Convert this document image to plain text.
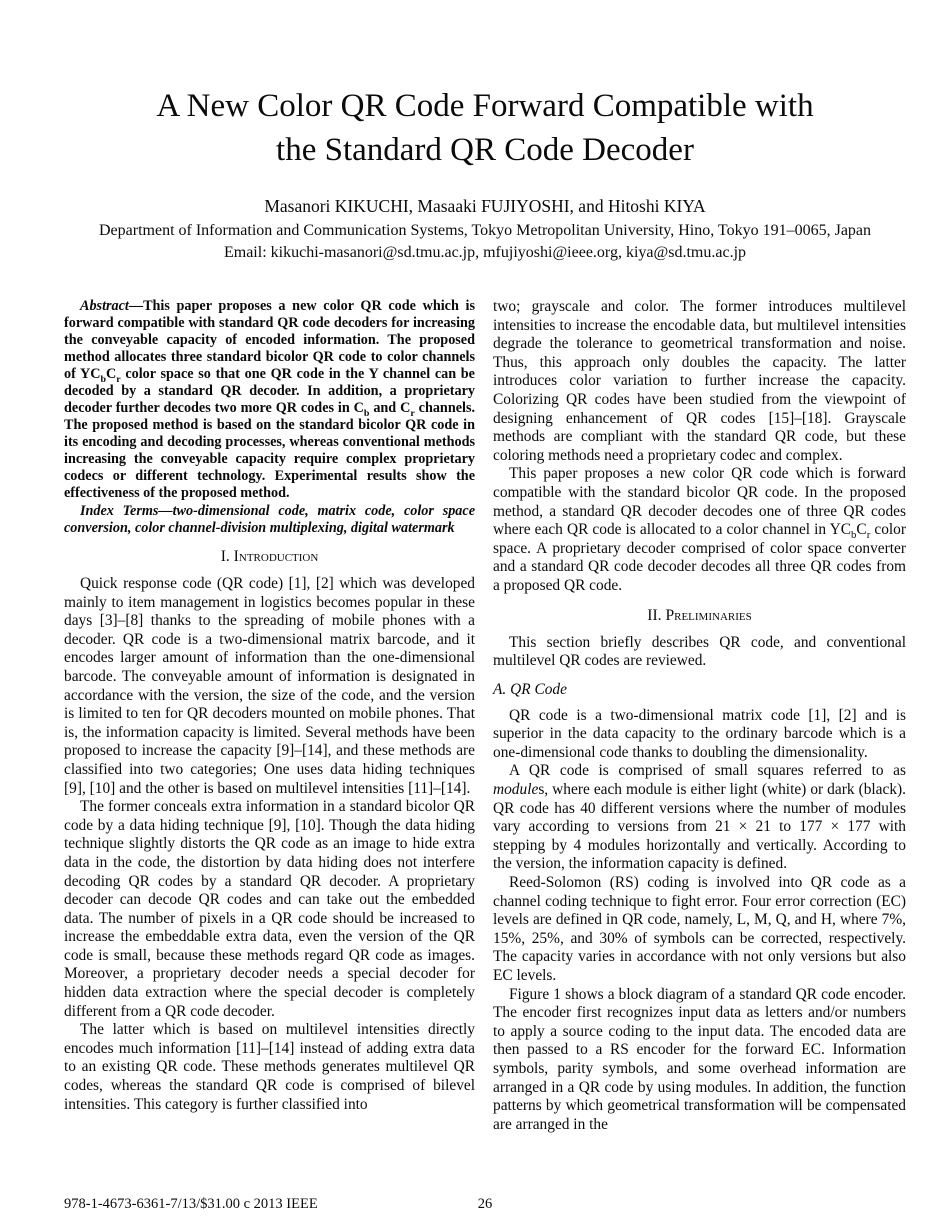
A New Color QR Code Forward Compatible with
the Standard QR Code Decoder
Masanori KIKUCHI, Masaaki FUJIYOSHI, and Hitoshi KIYA
Department of Information and Communication Systems, Tokyo Metropolitan University, Hino, Tokyo 191–0065, Japan
Email: kikuchi-masanori@sd.tmu.ac.jp, mfujiyoshi@ieee.org, kiya@sd.tmu.ac.jp

Abstract—This paper proposes a new color QR code which is forward compatible with standard QR code decoders for increasing the conveyable capacity of encoded information. The proposed method allocates three standard bicolor QR code to color channels of $YC_bC_r$ color space so that one QR code in the Y channel can be decoded by a standard QR decoder. In addition, a proprietary decoder further decodes two more QR codes in $C_b$ and $C_r$ channels. The proposed method is based on the standard bicolor QR code in its encoding and decoding processes, whereas conventional methods increasing the conveyable capacity require complex proprietary codecs or different technology. Experimental results show the effectiveness of the proposed method.

Index Terms—two-dimensional code, matrix code, color space conversion, color channel-division multiplexing, digital watermark

I. Introduction

Quick response code (QR code) [1], [2] which was developed mainly to item management in logistics becomes popular in these days [3]–[8] thanks to the spreading of mobile phones with a decoder. QR code is a two-dimensional matrix barcode, and it encodes larger amount of information than the one-dimensional barcode. The conveyable amount of information is designated in accordance with the version, the size of the code, and the version is limited to ten for QR decoders mounted on mobile phones. That is, the information capacity is limited. Several methods have been proposed to increase the capacity [9]–[14], and these methods are classified into two categories; One uses data hiding techniques [9], [10] and the other is based on multilevel intensities [11]–[14].

The former conceals extra information in a standard bicolor QR code by a data hiding technique [9], [10]. Though the data hiding technique slightly distorts the QR code as an image to hide extra data in the code, the distortion by data hiding does not interfere decoding QR codes by a standard QR decoder. A proprietary decoder can decode QR codes and can take out the embedded data. The number of pixels in a QR code should be increased to increase the embeddable extra data, even the version of the QR code is small, because these methods regard QR code as images. Moreover, a proprietary decoder needs a special decoder for hidden data extraction where the special decoder is completely different from a QR code decoder.

The latter which is based on multilevel intensities directly encodes much information [11]–[14] instead of adding extra data to an existing QR code. These methods generates multilevel QR codes, whereas the standard QR code is comprised of bilevel intensities. This category is further classified into

two; grayscale and color. The former introduces multilevel intensities to increase the encodable data, but multilevel intensities degrade the tolerance to geometrical transformation and noise. Thus, this approach only doubles the capacity. The latter introduces color variation to further increase the capacity. Colorizing QR codes have been studied from the viewpoint of designing enhancement of QR codes [15]–[18]. Grayscale methods are compliant with the standard QR code, but these coloring methods need a proprietary codec and complex.

This paper proposes a new color QR code which is forward compatible with the standard bicolor QR code. In the proposed method, a standard QR decoder decodes one of three QR codes where each QR code is allocated to a color channel in $YC_bC_r$ color space. A proprietary decoder comprised of color space converter and a standard QR code decoder decodes all three QR codes from a proposed QR code.

II. Preliminaries

This section briefly describes QR code, and conventional multilevel QR codes are reviewed.

A. QR Code

QR code is a two-dimensional matrix code [1], [2] and is superior in the data capacity to the ordinary barcode which is a one-dimensional code thanks to doubling the dimensionality.

A QR code is comprised of small squares referred to as modules, where each module is either light (white) or dark (black). QR code has 40 different versions where the number of modules vary according to versions from 21 × 21 to 177 × 177 with stepping by 4 modules horizontally and vertically. According to the version, the information capacity is defined.

Reed-Solomon (RS) coding is involved into QR code as a channel coding technique to fight error. Four error correction (EC) levels are defined in QR code, namely, L, M, Q, and H, where 7%, 15%, 25%, and 30% of symbols can be corrected, respectively. The capacity varies in accordance with not only versions but also EC levels.

Figure 1 shows a block diagram of a standard QR code encoder. The encoder first recognizes input data as letters and/or numbers to apply a source coding to the input data. The encoded data are then passed to a RS encoder for the forward EC. Information symbols, parity symbols, and some overhead information are arranged in a QR code by using modules. In addition, the function patterns by which geometrical transformation will be compensated are arranged in the

26
978-1-4673-6361-7/13/$31.00 c 2013 IEEE
